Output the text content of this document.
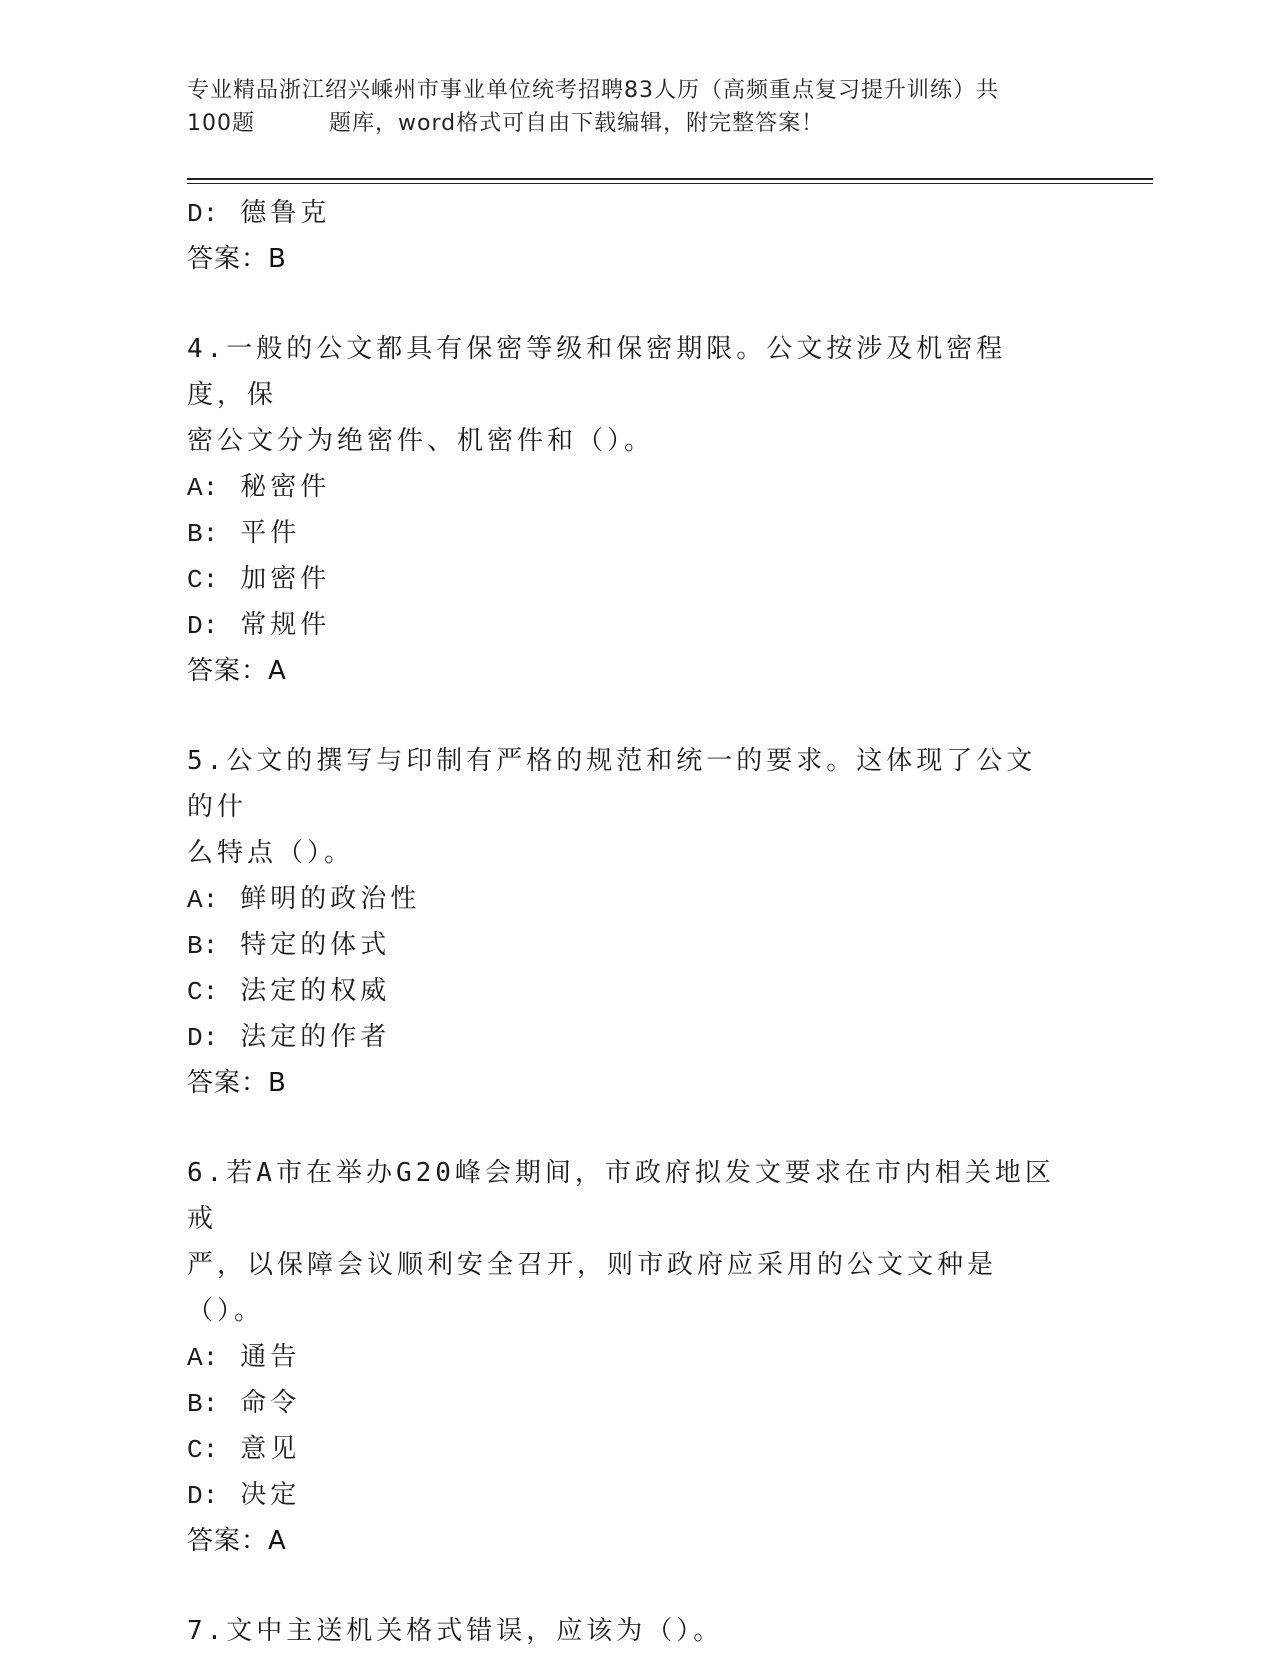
专业精品浙江绍兴嵊州市事业单位统考招聘83人历（高频重点复习提升训练）共
100题	题库，word格式可自由下载编辑，附完整答案！
D: 德鲁克
答案：B
4.一般的公文都具有保密等级和保密期限。公文按涉及机密程度，保
密公文分为绝密件、机密件和（）。
A: 秘密件
B: 平件
C: 加密件
D: 常规件
答案：A
5.公文的撰写与印制有严格的规范和统一的要求。这体现了公文的什
么特点（）。
A: 鲜明的政治性
B: 特定的体式
C: 法定的权威
D: 法定的作者
答案：B
6.若A市在举办G20峰会期间，市政府拟发文要求在市内相关地区戒
严，以保障会议顺利安全召开，则市政府应采用的公文文种是（）。
A: 通告
B: 命令
C: 意见
D: 决定
答案：A
7.文中主送机关格式错误，应该为（）。
